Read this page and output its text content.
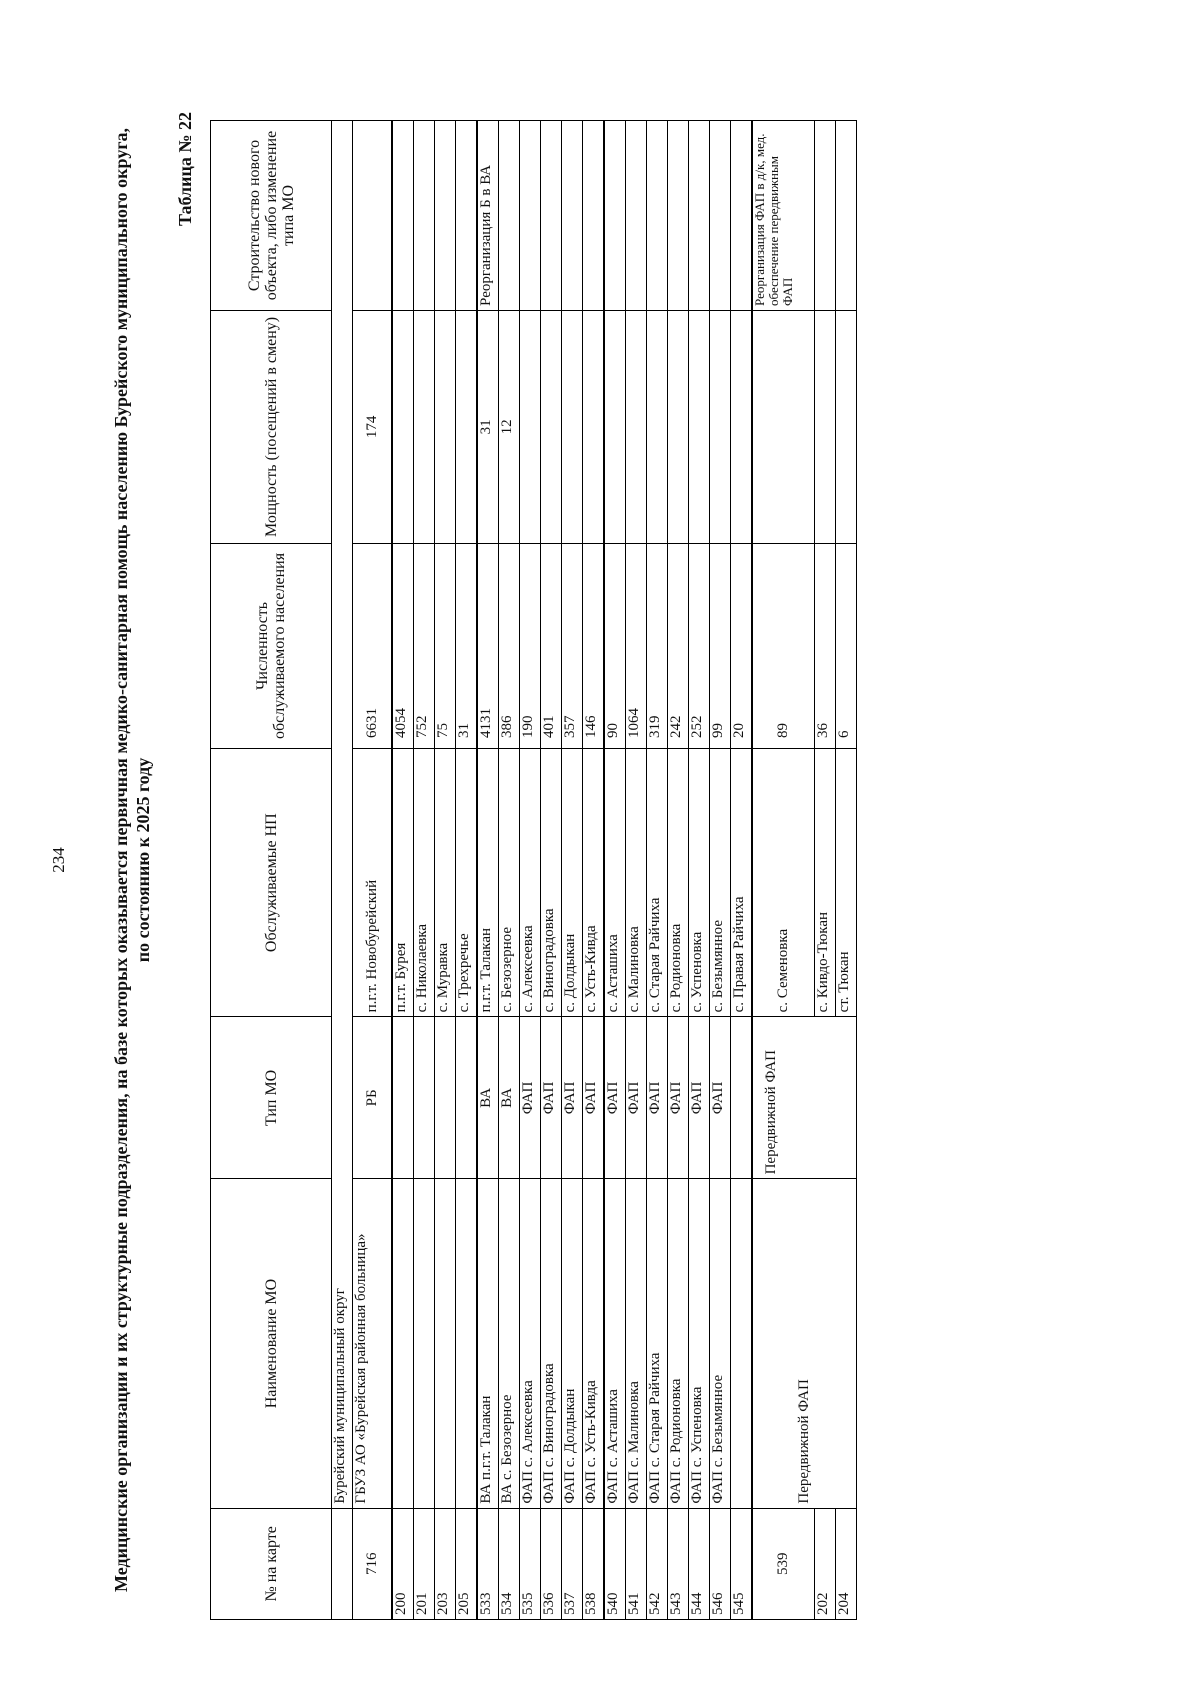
234 Медицинские организации и их структурные подразделения, на базе которых оказывается первичная медико-санитарная помощь населению Бурейского муниципального округа, по состоянию к 2025 году
Таблица № 22
№ на карте	Наименование МО	Тип МО	Обслуживаемые НП	Численность обслуживаемого населения	Мощность (посещений в смену)	Строительство нового объекта, либо изменение типа МО
	Бурейский муниципальный округ					
716	ГБУЗ АО «Бурейская районная больница»	РБ	п.г.т. Новобурейский	6631	174	
200			п.г.т. Бурея	4054		
201			с. Николаевка	752		
203			с. Муравка	75		
205			с. Трехречье	31		
533	ВА п.г.т. Талакан	ВА	п.г.т. Талакан	4131	31	Реорганизация Б в ВА
534	ВА с. Безозерное	ВА	с. Безозерное	386	12	
535	ФАП с. Алексеевка	ФАП	с. Алексеевка	190		
536	ФАП с. Виноградовка	ФАП	с. Виноградовка	401		
537	ФАП с. Долдыкан	ФАП	с. Долдыкан	357		
538	ФАП с. Усть-Кивда	ФАП	с. Усть-Кивда	146		
540	ФАП с. Асташиха	ФАП	с. Асташиха	90		
541	ФАП с. Малиновка	ФАП	с. Малиновка	1064		
542	ФАП с. Старая Райчиха	ФАП	с. Старая Райчиха	319		
543	ФАП с. Родионовка	ФАП	с. Родионовка	242		
544	ФАП с. Успеновка	ФАП	с. Успеновка	252		
546	ФАП с. Безымянное	ФАП	с. Безымянное	99		
545			с. Правая Райчиха	20		
539	Передвижной ФАП	Передвижной ФАП	с. Семеновка	89		Реорганизация ФАП в д/к, мед. обеспечение передвижным ФАП
202			с. Кивдо-Тюкан	36		
204			ст. Тюкан	6		
